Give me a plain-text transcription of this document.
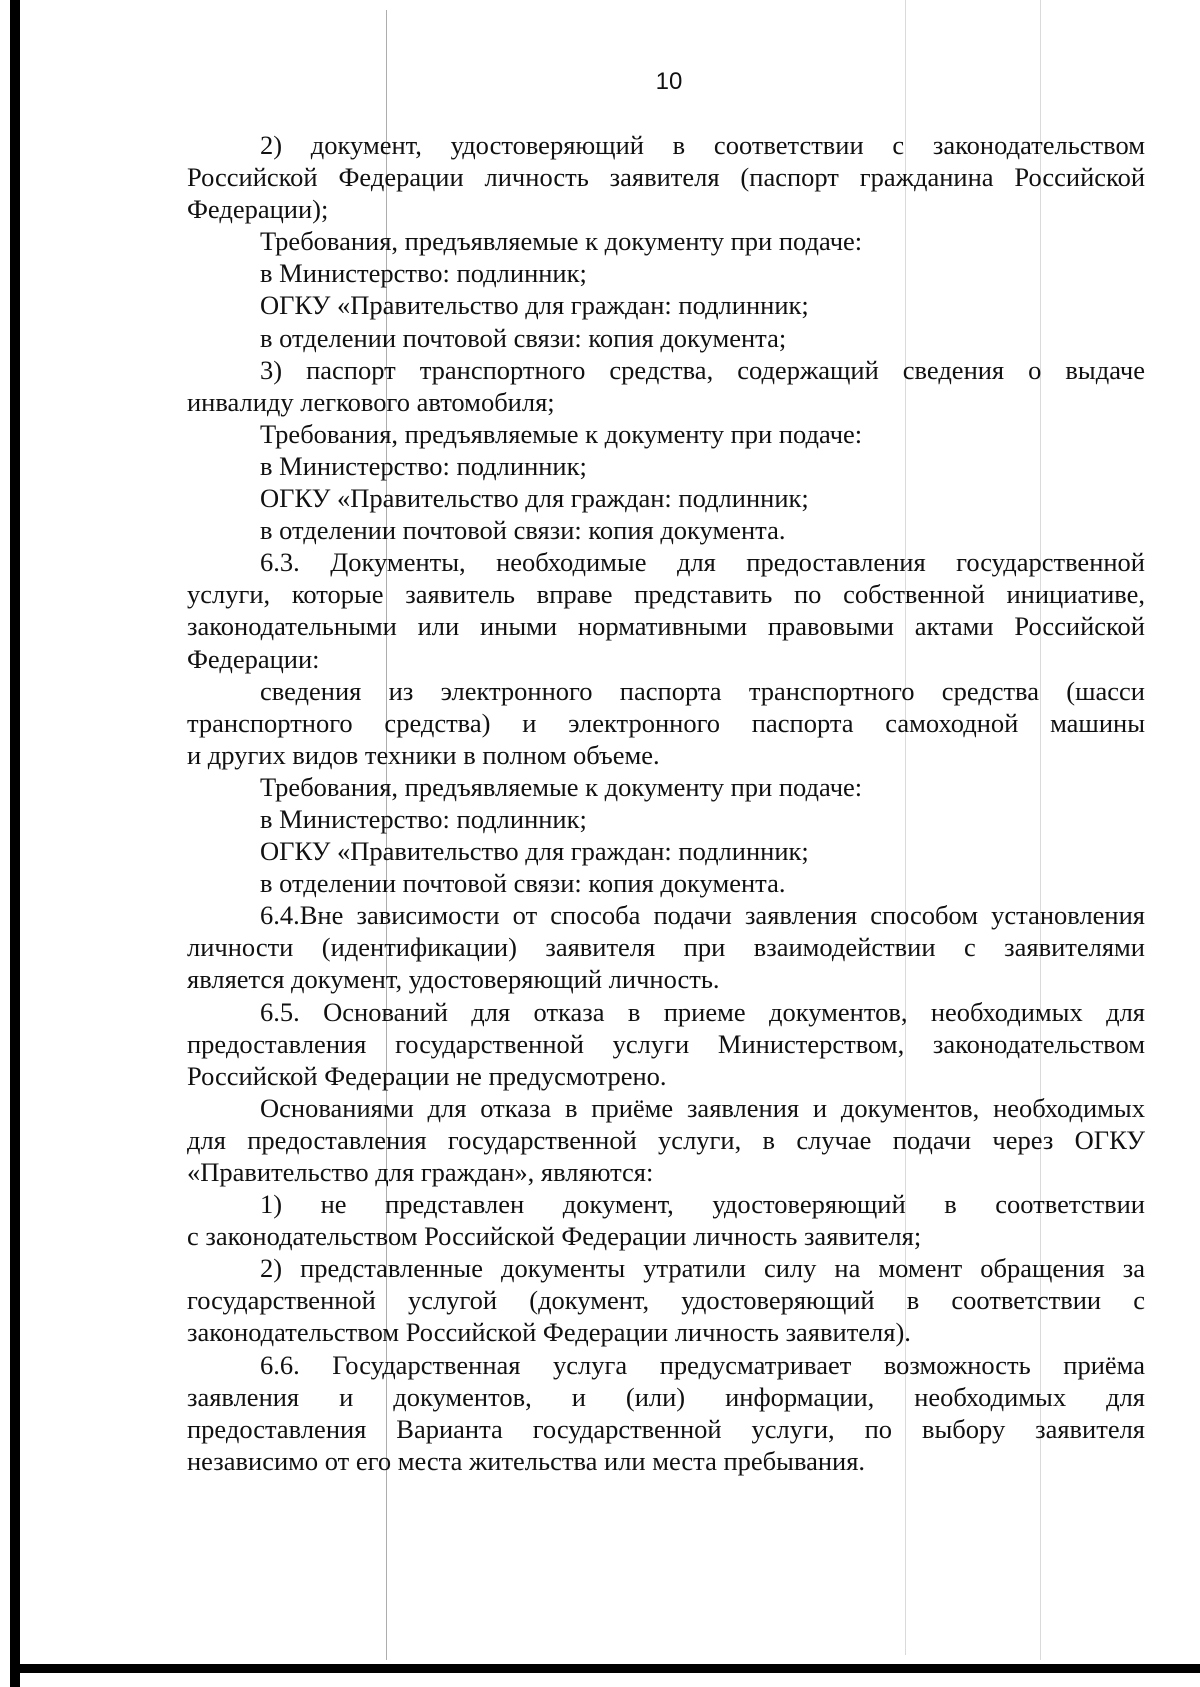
10
2) документ, удостоверяющий в соответствии с законодательством
Российской Федерации личность заявителя (паспорт гражданина Российской
Федерации);
Требования, предъявляемые к документу при подаче:
в Министерство: подлинник;
ОГКУ «Правительство для граждан: подлинник;
в отделении почтовой связи: копия документа;
3) паспорт транспортного средства, содержащий сведения о выдаче
инвалиду легкового автомобиля;
Требования, предъявляемые к документу при подаче:
в Министерство: подлинник;
ОГКУ «Правительство для граждан: подлинник;
в отделении почтовой связи: копия документа.
6.3. Документы, необходимые для предоставления государственной
услуги, которые заявитель вправе представить по собственной инициативе,
законодательными или иными нормативными правовыми актами Российской
Федерации:
сведения из электронного паспорта транспортного средства (шасси
транспортного средства) и электронного паспорта самоходной машины
и других видов техники в полном объеме.
Требования, предъявляемые к документу при подаче:
в Министерство: подлинник;
ОГКУ «Правительство для граждан: подлинник;
в отделении почтовой связи: копия документа.
6.4.Вне зависимости от способа подачи заявления способом установления
личности (идентификации) заявителя при взаимодействии с заявителями
является документ, удостоверяющий личность.
6.5. Оснований для отказа в приеме документов, необходимых для
предоставления государственной услуги Министерством, законодательством
Российской Федерации не предусмотрено.
Основаниями для отказа в приёме заявления и документов, необходимых
для предоставления государственной услуги, в случае подачи через ОГКУ
«Правительство для граждан», являются:
1) не представлен документ, удостоверяющий в соответствии
с законодательством Российской Федерации личность заявителя;
2) представленные документы утратили силу на момент обращения за
государственной услугой (документ, удостоверяющий в соответствии с
законодательством Российской Федерации личность заявителя).
6.6. Государственная услуга предусматривает возможность приёма
заявления и документов, и (или) информации, необходимых для
предоставления Варианта государственной услуги, по выбору заявителя
независимо от его места жительства или места пребывания.
